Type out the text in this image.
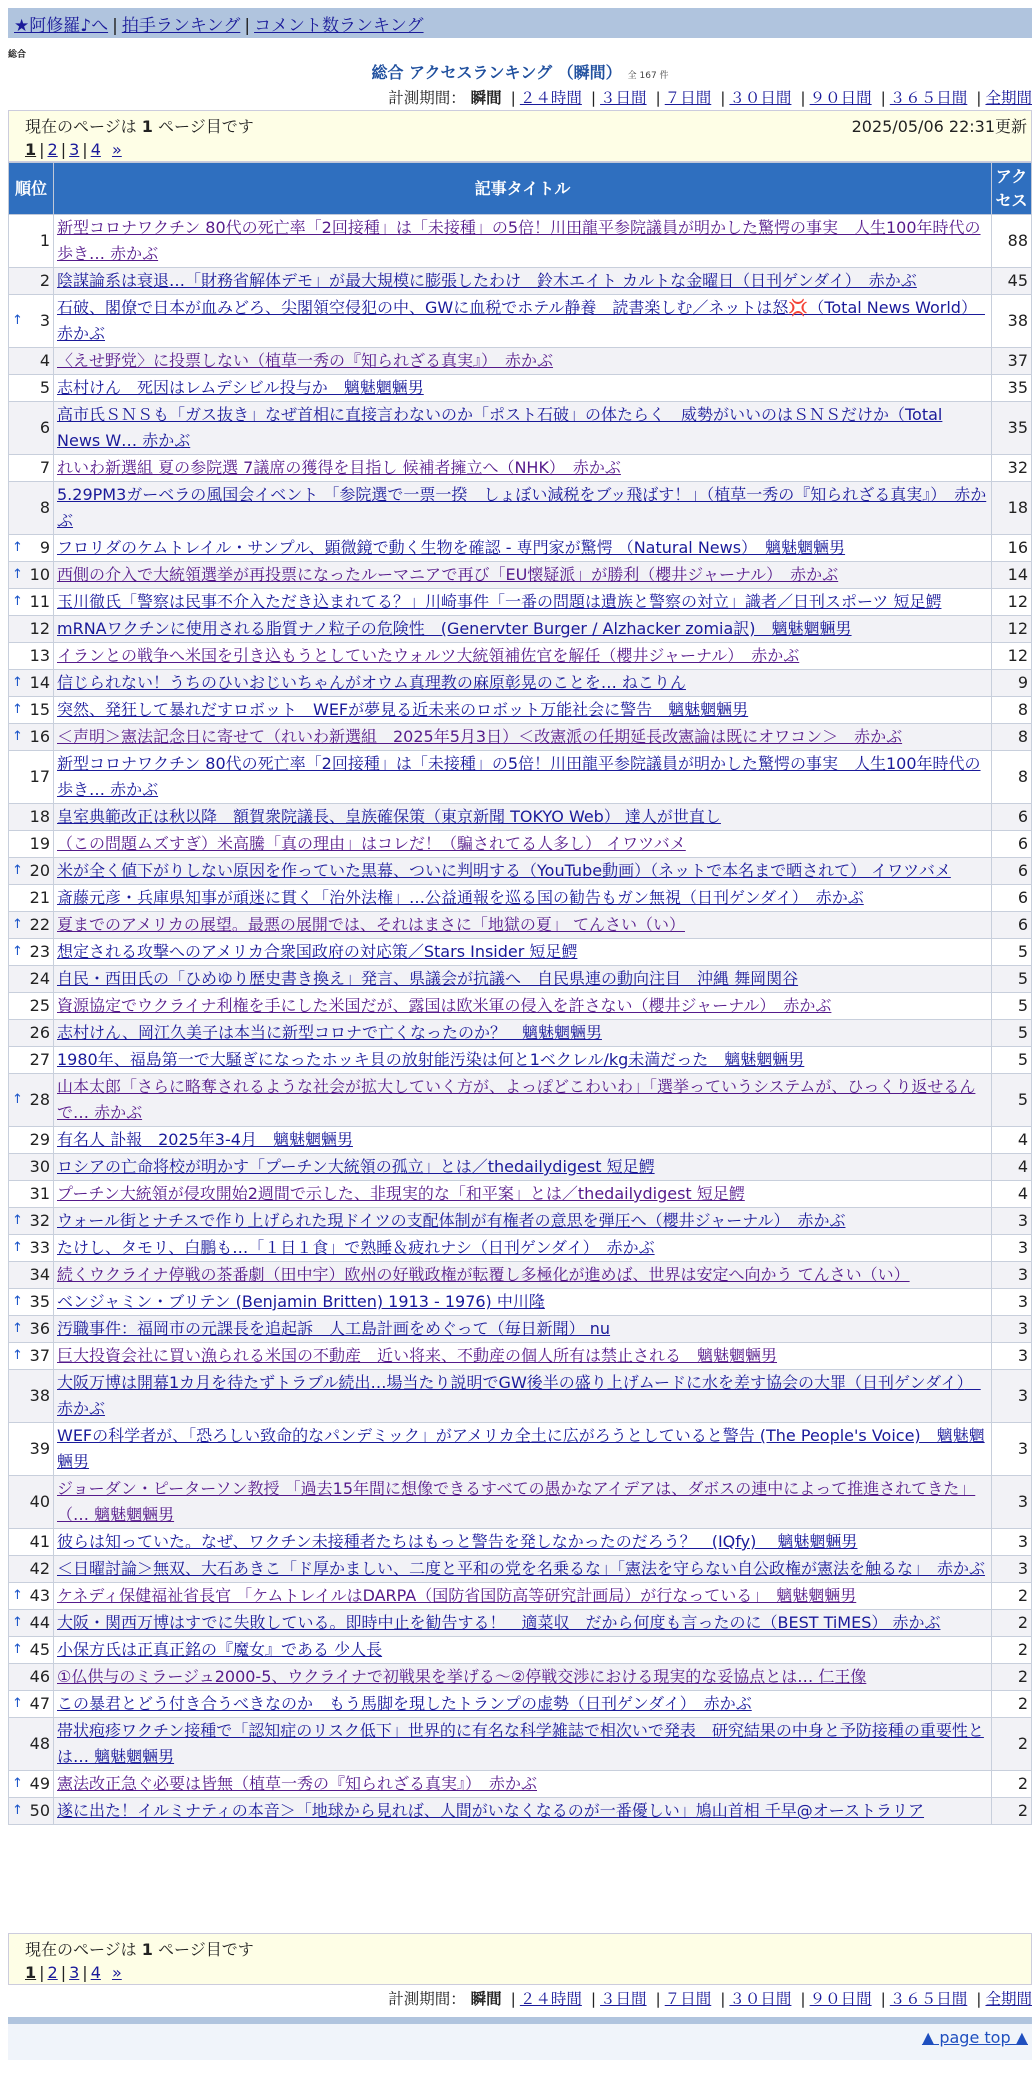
★阿修羅♪へ | 拍手ランキング | コメント数ランキング
総合
総合 アクセスランキング （瞬間） 全 167 件
計測期間： 瞬間 | ２４時間 | ３日間 | ７日間 | ３０日間 | ９０日間 | ３６５日間 | 全期間
現在のページは 1 ページ目です	2025/05/06 22:31更新
1 | 2 | 3 | 4 »
順位	記事タイトル	アクセス
1	新型コロナワクチン 80代の死亡率「2回接種」は「未接種」の5倍！川田龍平参院議員が明かした驚愕の事実　人生100年時代の歩き… 赤かぶ	88
2	陰謀論系は衰退…「財務省解体デモ」が最大規模に膨張したわけ　鈴木エイト カルトな金曜日（日刊ゲンダイ）　赤かぶ	45

↑ 3	石破、閣僚で日本が血みどろ、尖閣領空侵犯の中、GWに血税でホテル静養　読書楽しむ／ネットは怒💢（Total News World）　赤かぶ	38
4	〈えせ野党〉に投票しない（植草一秀の『知られざる真実』）　赤かぶ	37
5	志村けん　死因はレムデシビル投与か　魑魅魍魎男	35
6	高市氏ＳＮＳも「ガス抜き」なぜ首相に直接言わないのか「ポスト石破」の体たらく　威勢がいいのはＳＮＳだけか（Total News W… 赤かぶ	35
7	れいわ新選組 夏の参院選 7議席の獲得を目指し 候補者擁立へ（NHK）　赤かぶ	32
8	5.29PM3ガーベラの風国会イベント 「参院選で一票一揆　しょぼい減税をブッ飛ばす！」（植草一秀の『知られざる真実』）　赤かぶ	18

↑ 9	フロリダのケムトレイル・サンプル、顕微鏡で動く生物を確認 - 専門家が驚愕 （Natural News）　魑魅魍魎男	16

↑ 10	西側の介入で大統領選挙が再投票になったルーマニアで再び「EU懐疑派」が勝利（櫻井ジャーナル）　赤かぶ	14

↑ 11	玉川徹氏「警察は民事不介入ただき込まれてる？」川崎事件「一番の問題は遺族と警察の対立」識者／日刊スポーツ 短足鰐	12
12	mRNAワクチンに使用される脂質ナノ粒子の危険性　(Genervter Burger / Alzhacker zomia訳)　魑魅魍魎男	12
13	イランとの戦争へ米国を引き込もうとしていたウォルツ大統領補佐官を解任（櫻井ジャーナル）　赤かぶ	12

↑ 14	信じられない！うちのひいおじいちゃんがオウム真理教の麻原彰晃のことを… ねこりん	9

↑ 15	突然、発狂して暴れだすロボット　WEFが夢見る近未来のロボット万能社会に警告　魑魅魍魎男	8

↑ 16	＜声明＞憲法記念日に寄せて（れいわ新選組　2025年5月3日）＜改憲派の任期延長改憲論は既にオワコン＞　赤かぶ	8
17	新型コロナワクチン 80代の死亡率「2回接種」は「未接種」の5倍！川田龍平参院議員が明かした驚愕の事実　人生100年時代の歩き… 赤かぶ	8
18	皇室典範改正は秋以降　額賀衆院議長、皇族確保策（東京新聞 TOKYO Web） 達人が世直し	6
19	（この問題ムズすぎ）米高騰「真の理由」はコレだ！（騙されてる人多し） イワツバメ	6

↑ 20	米が全く値下がりしない原因を作っていた黒幕、ついに判明する（YouTube動画）（ネットで本名まで晒されて） イワツバメ	6
21	斎藤元彦・兵庫県知事が頑迷に貫く「治外法権」…公益通報を巡る国の勧告もガン無視（日刊ゲンダイ）　赤かぶ	6

↑ 22	夏までのアメリカの展望。最悪の展開では、それはまさに「地獄の夏」 てんさい（い）	6

↑ 23	想定される攻撃へのアメリカ合衆国政府の対応策／Stars Insider 短足鰐	5
24	自民・西田氏の「ひめゆり歴史書き換え」発言、県議会が抗議へ　自民県連の動向注目　沖縄 舞岡関谷	5
25	資源協定でウクライナ利権を手にした米国だが、露国は欧米軍の侵入を許さない（櫻井ジャーナル）　赤かぶ	5
26	志村けん、岡江久美子は本当に新型コロナで亡くなったのか？　魑魅魍魎男	5
27	1980年、福島第一で大騒ぎになったホッキ貝の放射能汚染は何と1ベクレル/kg未満だった　魑魅魍魎男	5

↑ 28	山本太郎「さらに略奪されるような社会が拡大していく方が、よっぽどこわいわ」「選挙っていうシステムが、ひっくり返せるんで… 赤かぶ	5
29	有名人 訃報　2025年3-4月　魑魅魍魎男	4
30	ロシアの亡命将校が明かす「プーチン大統領の孤立」とは／thedailydigest 短足鰐	4
31	プーチン大統領が侵攻開始2週間で示した、非現実的な「和平案」とは／thedailydigest 短足鰐	4

↑ 32	ウォール街とナチスで作り上げられた現ドイツの支配体制が有権者の意思を弾圧へ（櫻井ジャーナル）　赤かぶ	3

↑ 33	たけし、タモリ、白鵬も…「１日１食」で熟睡＆疲れナシ（日刊ゲンダイ）　赤かぶ	3
34	続くウクライナ停戦の茶番劇（田中宇）欧州の好戦政権が転覆し多極化が進めば、世界は安定へ向かう てんさい（い）	3

↑ 35	ベンジャミン・ブリテン (Benjamin Britten) 1913 - 1976) 中川隆	3

↑ 36	汚職事件：福岡市の元課長を追起訴　人工島計画をめぐって（毎日新聞） nu	3

↑ 37	巨大投資会社に買い漁られる米国の不動産　近い将来、不動産の個人所有は禁止される　魑魅魍魎男	3
38	大阪万博は開幕1カ月を待たずトラブル続出…場当たり説明でGW後半の盛り上げムードに水を差す協会の大罪（日刊ゲンダイ）　赤かぶ	3
39	WEFの科学者が、「恐ろしい致命的なパンデミック」がアメリカ全土に広がろうとしていると警告 (The People's Voice)　魑魅魍魎男	3
40	ジョーダン・ピーターソン教授 「過去15年間に想像できるすべての愚かなアイデアは、ダボスの連中によって推進されてきた」（… 魑魅魍魎男	3
41	彼らは知っていた。なぜ、ワクチン未接種者たちはもっと警告を発しなかったのだろう？　(IQfy)　 魑魅魍魎男	3
42	＜日曜討論＞無双、大石あきこ「ド厚かましい、二度と平和の党を名乗るな」「憲法を守らない自公政権が憲法を触るな」　赤かぶ	3

↑ 43	ケネディ保健福祉省長官 「ケムトレイルはDARPA（国防省国防高等研究計画局）が行なっている」　魑魅魍魎男	2

↑ 44	大阪・関西万博はすでに失敗している。即時中止を勧告する！　適菜収　だから何度も言ったのに（BEST TiMES） 赤かぶ	2

↑ 45	小保方氏は正真正銘の『魔女』である 少人長	2
46	①仏供与のミラージュ2000-5、ウクライナで初戦果を挙げる～②停戦交渉における現実的な妥協点とは… 仁王像	2

↑ 47	この暴君とどう付き合うべきなのか　もう馬脚を現したトランプの虚勢（日刊ゲンダイ）　赤かぶ	2
48	帯状疱疹ワクチン接種で「認知症のリスク低下」世界的に有名な科学雑誌で相次いで発表　研究結果の中身と予防接種の重要性とは… 魑魅魍魎男	2

↑ 49	憲法改正急ぐ必要は皆無（植草一秀の『知られざる真実』）　赤かぶ	2

↑ 50	遂に出た！イルミナティの本音＞「地球から見れば、人間がいなくなるのが一番優しい」鳩山首相 千早@オーストラリア	2
現在のページは 1 ページ目です
1 | 2 | 3 | 4 »
計測期間： 瞬間 | ２４時間 | ３日間 | ７日間 | ３０日間 | ９０日間 | ３６５日間 | 全期間
▲ page top ▲
